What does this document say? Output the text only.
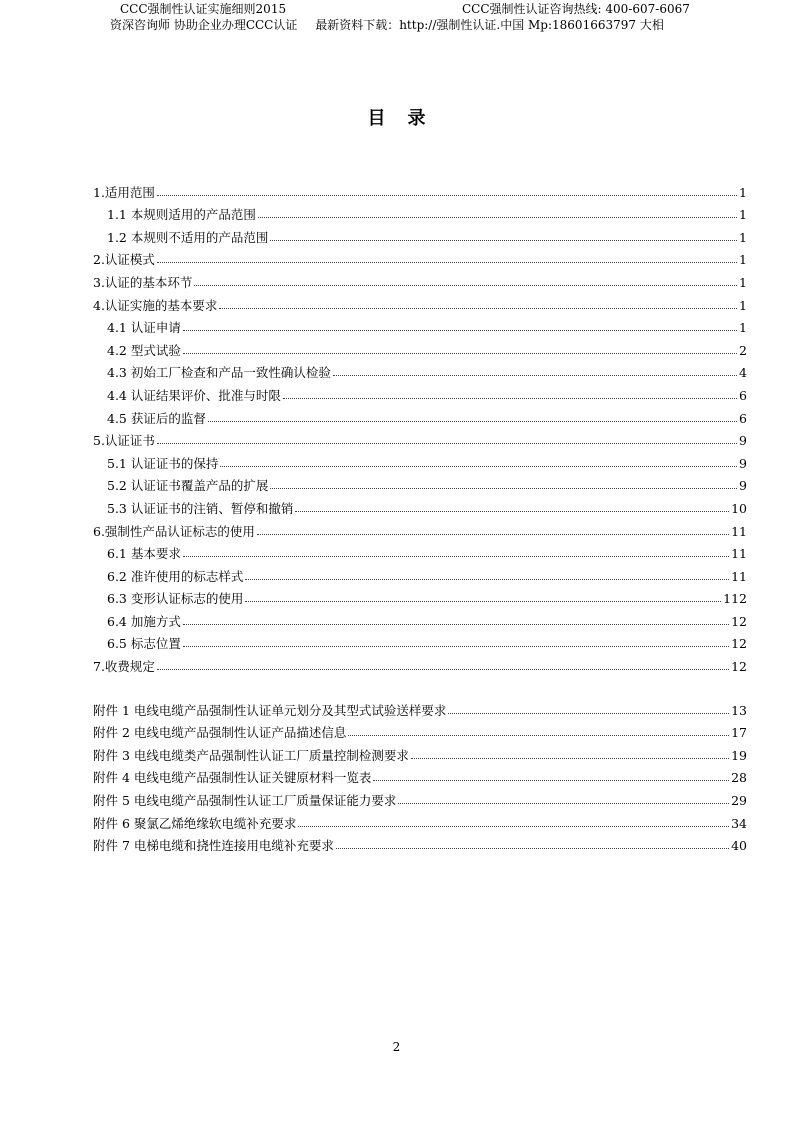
CCC强制性认证实施细则2015	CCC强制性认证咨询热线: 400-607-6067
资深咨询师 协助企业办理CCC认证 最新资料下载：http://强制性认证.中国 Mp:18601663797 大相
目录
1.适用范围	1
1.1 本规则适用的产品范围	1
1.2 本规则不适用的产品范围	1
2.认证模式	1
3.认证的基本环节	1
4.认证实施的基本要求	1
4.1 认证申请	1
4.2 型式试验	2
4.3 初始工厂检查和产品一致性确认检验	4
4.4 认证结果评价、批准与时限	6
4.5 获证后的监督	6
5.认证证书	9
5.1 认证证书的保持	9
5.2 认证证书覆盖产品的扩展	9
5.3 认证证书的注销、暂停和撤销	10
6.强制性产品认证标志的使用	11
6.1 基本要求	11
6.2 准许使用的标志样式	11
6.3 变形认证标志的使用	112
6.4 加施方式	12
6.5 标志位置	12
7.收费规定	12
附件 1 电线电缆产品强制性认证单元划分及其型式试验送样要求	13
附件 2 电线电缆产品强制性认证产品描述信息	17
附件 3 电线电缆类产品强制性认证工厂质量控制检测要求	19
附件 4 电线电缆产品强制性认证关键原材料一览表	28
附件 5 电线电缆产品强制性认证工厂质量保证能力要求	29
附件 6 聚氯乙烯绝缘软电缆补充要求	34
附件 7 电梯电缆和挠性连接用电缆补充要求	40
2
